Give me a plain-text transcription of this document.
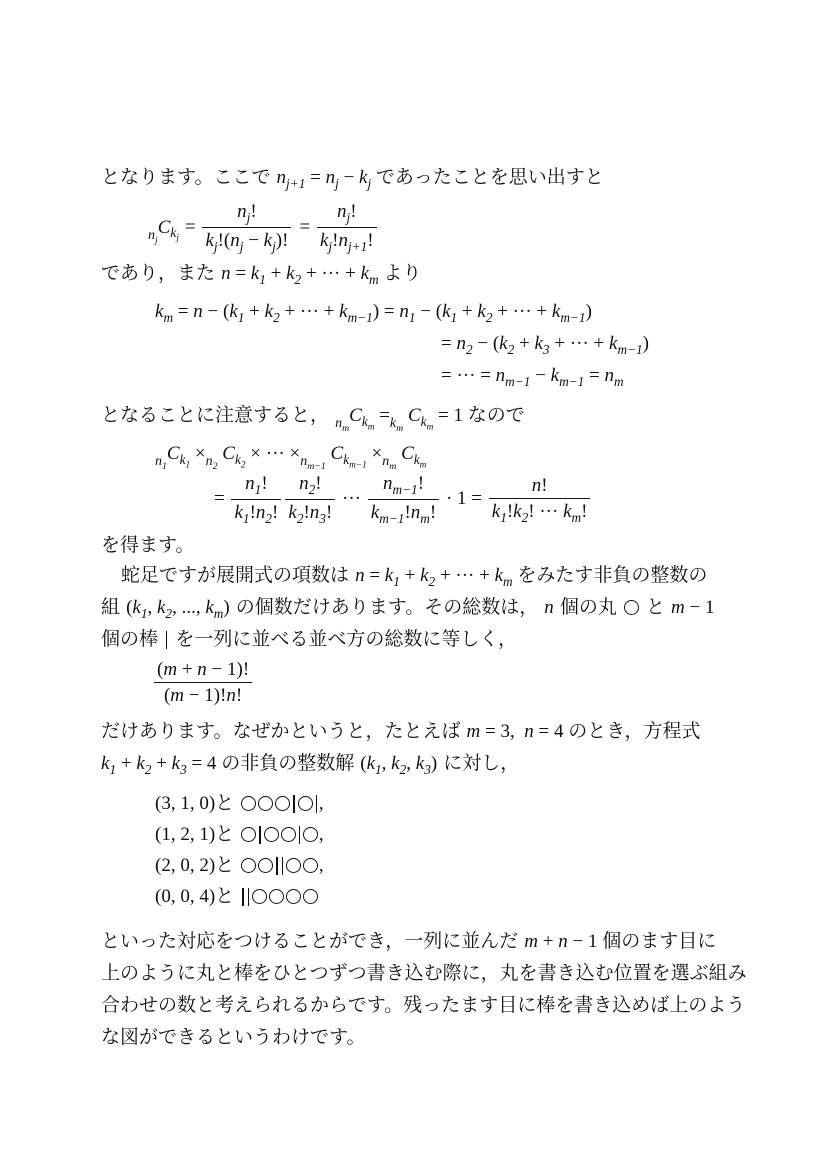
となります。ここで $n_{j+1} = n_j - k_j$ であったことを思い出すと
$_{n_j}C_{k_j} = \frac{n_j!}{k_j!(n_j - k_j)!} = \frac{n_j!}{k_j!n_{j+1}!}$
であり，また $n = k_1 + k_2$ + ··· + $k_m$ より
$k_m = n - (k_1 + k_2$ + ··· + $k_{m-1}) = n_1 - (k_1 + k_2$ + ··· + $k_{m-1}$)
= $n_2 - (k_2 + k_3$ + ··· + $k_{m-1}$)
= ··· = $n_{m-1} - k_{m-1} = n_m$
となることに注意すると， $_{n_m}C_{k_m} =_{k_m}$ $C_{k_m} = 1$ なので
$_{n_1}C_{k_1} \times_{n_2}$ $C_{k_2}$ × ··· $\times_{n_{m-1}}$ $C_{k_{m-1}} \times_{n_m}$ $C_{k_m}$
= $\frac{n_1!}{k_1!n_2!} \frac{n_2!}{k_2!n_3!}$ ··· $\frac{n_{m-1}!}{k_{m-1}!n_m!} \cdot 1 = \frac{n!}{k_1!k_2! \cdot\cdot\cdot k_m!}$
を得ます。
蛇足ですが展開式の項数は $n = k_1 + k_2$ + ··· + $k_m$ をみたす非負の整数の
組 ($k_1$, $k_2$, ..., $k_m$) の個数だけあります。その総数は， n 個の丸 と m − 1
個の棒 を一列に並べる並べ方の総数に等しく，
$\frac{(m + n - 1)!}{(m - 1)!n!}$
だけあります。なぜかというと，たとえば m = 3,  n = 4 のとき，方程式
$k_1 + k_2 + k_3 = 4$ の非負の整数解 ($k_1$, $k_2$, $k_3$) に対し，
(3, 1, 0)と	,
(1, 2, 1)と	,
(2, 0, 2)と	,
(0, 0, 4)と
といった対応をつけることができ，一列に並んだ m + n − 1 個のます目に
上のように丸と棒をひとつずつ書き込む際に，丸を書き込む位置を選ぶ組み
合わせの数と考えられるからです。残ったます目に棒を書き込めば上のよう
な図ができるというわけです。
